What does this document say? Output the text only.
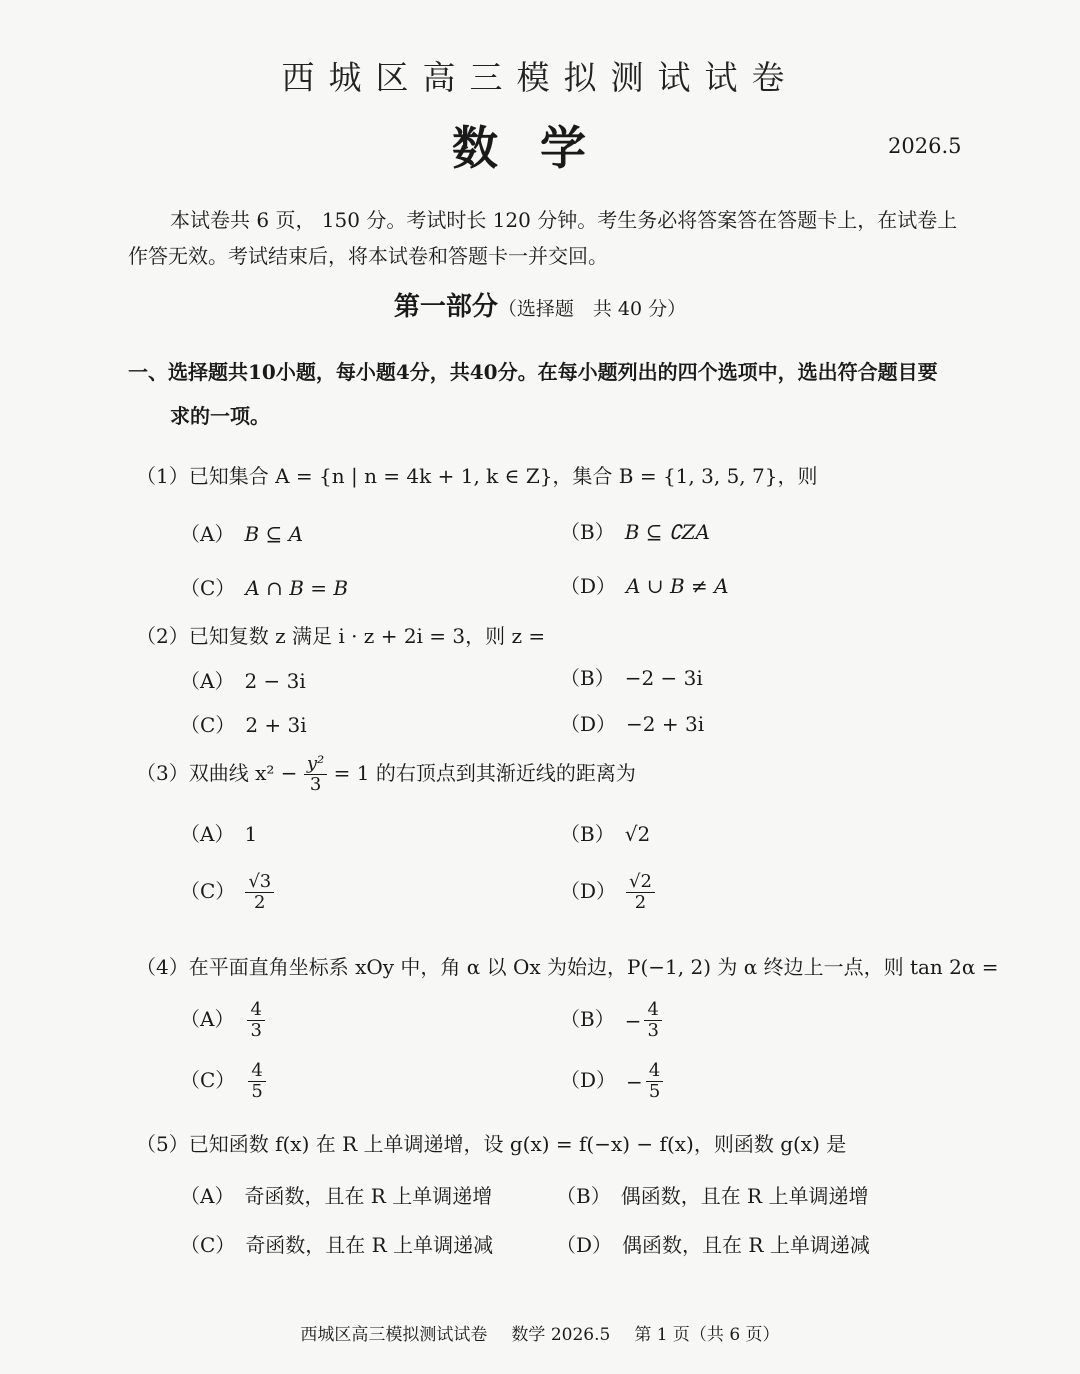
西城区高三模拟测试试卷
数学	2026.5
本试卷共 6 页， 150 分。考试时长 120 分钟。考生务必将答案答在答题卡上，在试卷上作答无效。考试结束后，将本试卷和答题卡一并交回。
第一部分（选择题　共 40 分）
一、选择题共10小题，每小题4分，共40分。在每小题列出的四个选项中，选出符合题目要
求的一项。
（1）已知集合 A = {n | n = 4k + 1, k ∈ Z}，集合 B = {1, 3, 5, 7}，则
（A） B ⊆ A	（B） B ⊆ ∁ZA
（C） A ∩ B = B	（D） A ∪ B ≠ A
（2）已知复数 z 满足 i · z + 2i = 3，则 z =
（A） 2 − 3i	（B） −2 − 3i
（C） 2 + 3i	（D） −2 + 3i
（3）双曲线 $x^2 - \frac{\text{y²}}{3} = 1$ 的右顶点到其渐近线的距离为
（A） 1	（B） √2
$(C) \frac{√3}{2}$	$(D) \frac{√2}{2}$
（4）在平面直角坐标系 xOy 中，角 α 以 Ox 为始边，P(−1, 2) 为 α 终边上一点，则 tan 2α =
$(A) \frac{4}{3}$	$(B) - \frac{4}{3}$
$(C) \frac{4}{5}$	$(D) - \frac{4}{5}$
（5）已知函数 f(x) 在 R 上单调递增，设 g(x) = f(−x) − f(x)，则函数 g(x) 是
（A） 奇函数，且在 R 上单调递增	（B） 偶函数，且在 R 上单调递增
（C） 奇函数，且在 R 上单调递减	（D） 偶函数，且在 R 上单调递减
西城区高三模拟测试试卷 数学 2026.5 第 1 页（共 6 页）
